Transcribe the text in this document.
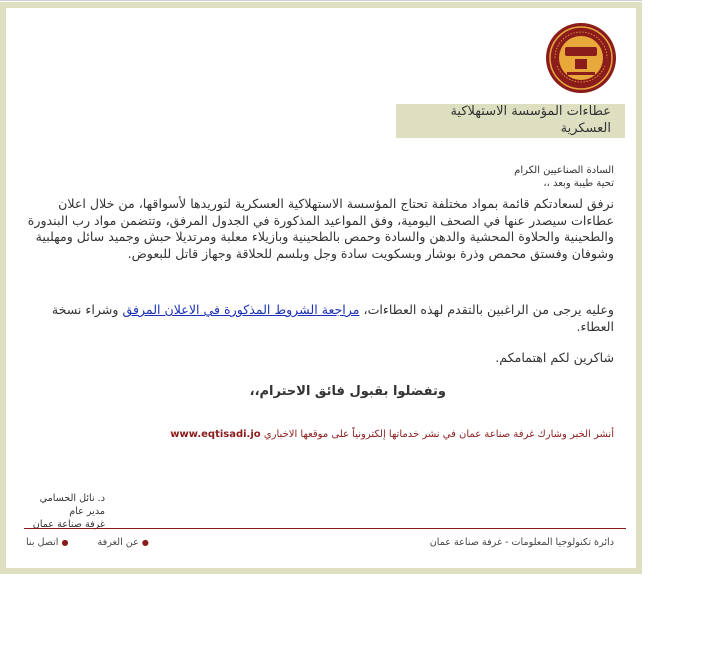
عطاءات المؤسسة الاستهلاكية العسكرية
السادة الصناعيين الكرام
تحية طيبة وبعد ،،
نرفق لسعادتكم قائمة بمواد مختلفة تحتاج المؤسسة الاستهلاكية العسكرية لتوريدها لأسواقها، من خلال اعلان عطاءات سيصدر عنها في الصحف اليومية، وفق المواعيد المذكورة في الجدول المرفق، وتتضمن مواد رب البندورة والطحينية والحلاوة المحشية والدهن والسادة وحمص بالطحينية وبازيلاء معلبة ومرتديلا حبش وجميد سائل ومهلبية وشوفان وفستق محمص وذرة بوشار وبسكويت سادة وجل وبلسم للحلاقة وجهاز قاتل للبعوض.
وعليه يرجى من الراغبين بالتقدم لهذه العطاءات، مراجعة الشروط المذكورة في الاعلان المرفق وشراء نسخة العطاء.
شاكرين لكم اهتمامكم.
وتفضلوا بقبول فائق الاحترام،،
أنشر الخبر وشارك غرفة صناعة عمان في نشر خدماتها إلكترونياً على موقعها الاخباري www.eqtisadi.jo
د. نائل الحسامي
مدير عام
غرفة صناعة عمان
دائرة تكنولوجيا المعلومات - غرفة صناعة عمان
●عن الغرفة ●اتصل بنا
